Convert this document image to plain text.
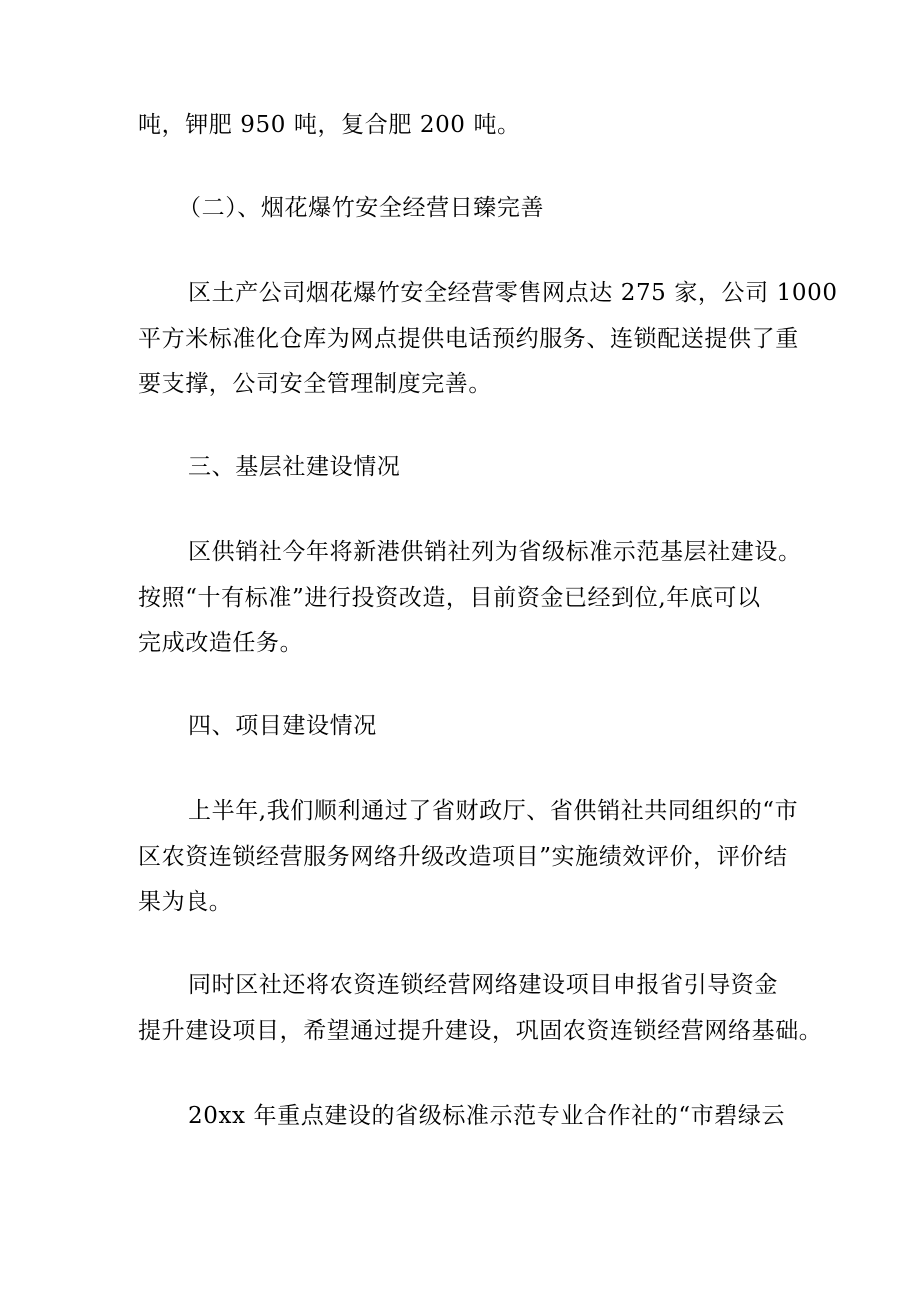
吨，钾肥 950 吨，复合肥 200 吨。
（二）、烟花爆竹安全经营日臻完善
区土产公司烟花爆竹安全经营零售网点达 275 家，公司 1000
平方米标准化仓库为网点提供电话预约服务、连锁配送提供了重
要支撑，公司安全管理制度完善。
三、基层社建设情况
区供销社今年将新港供销社列为省级标准示范基层社建设。
按照“十有标准”进行投资改造，目前资金已经到位,年底可以
完成改造任务。
四、项目建设情况
上半年,我们顺利通过了省财政厅、省供销社共同组织的“市
区农资连锁经营服务网络升级改造项目”实施绩效评价，评价结
果为良。
同时区社还将农资连锁经营网络建设项目申报省引导资金
提升建设项目，希望通过提升建设，巩固农资连锁经营网络基础。
20xx 年重点建设的省级标准示范专业合作社的“市碧绿云
